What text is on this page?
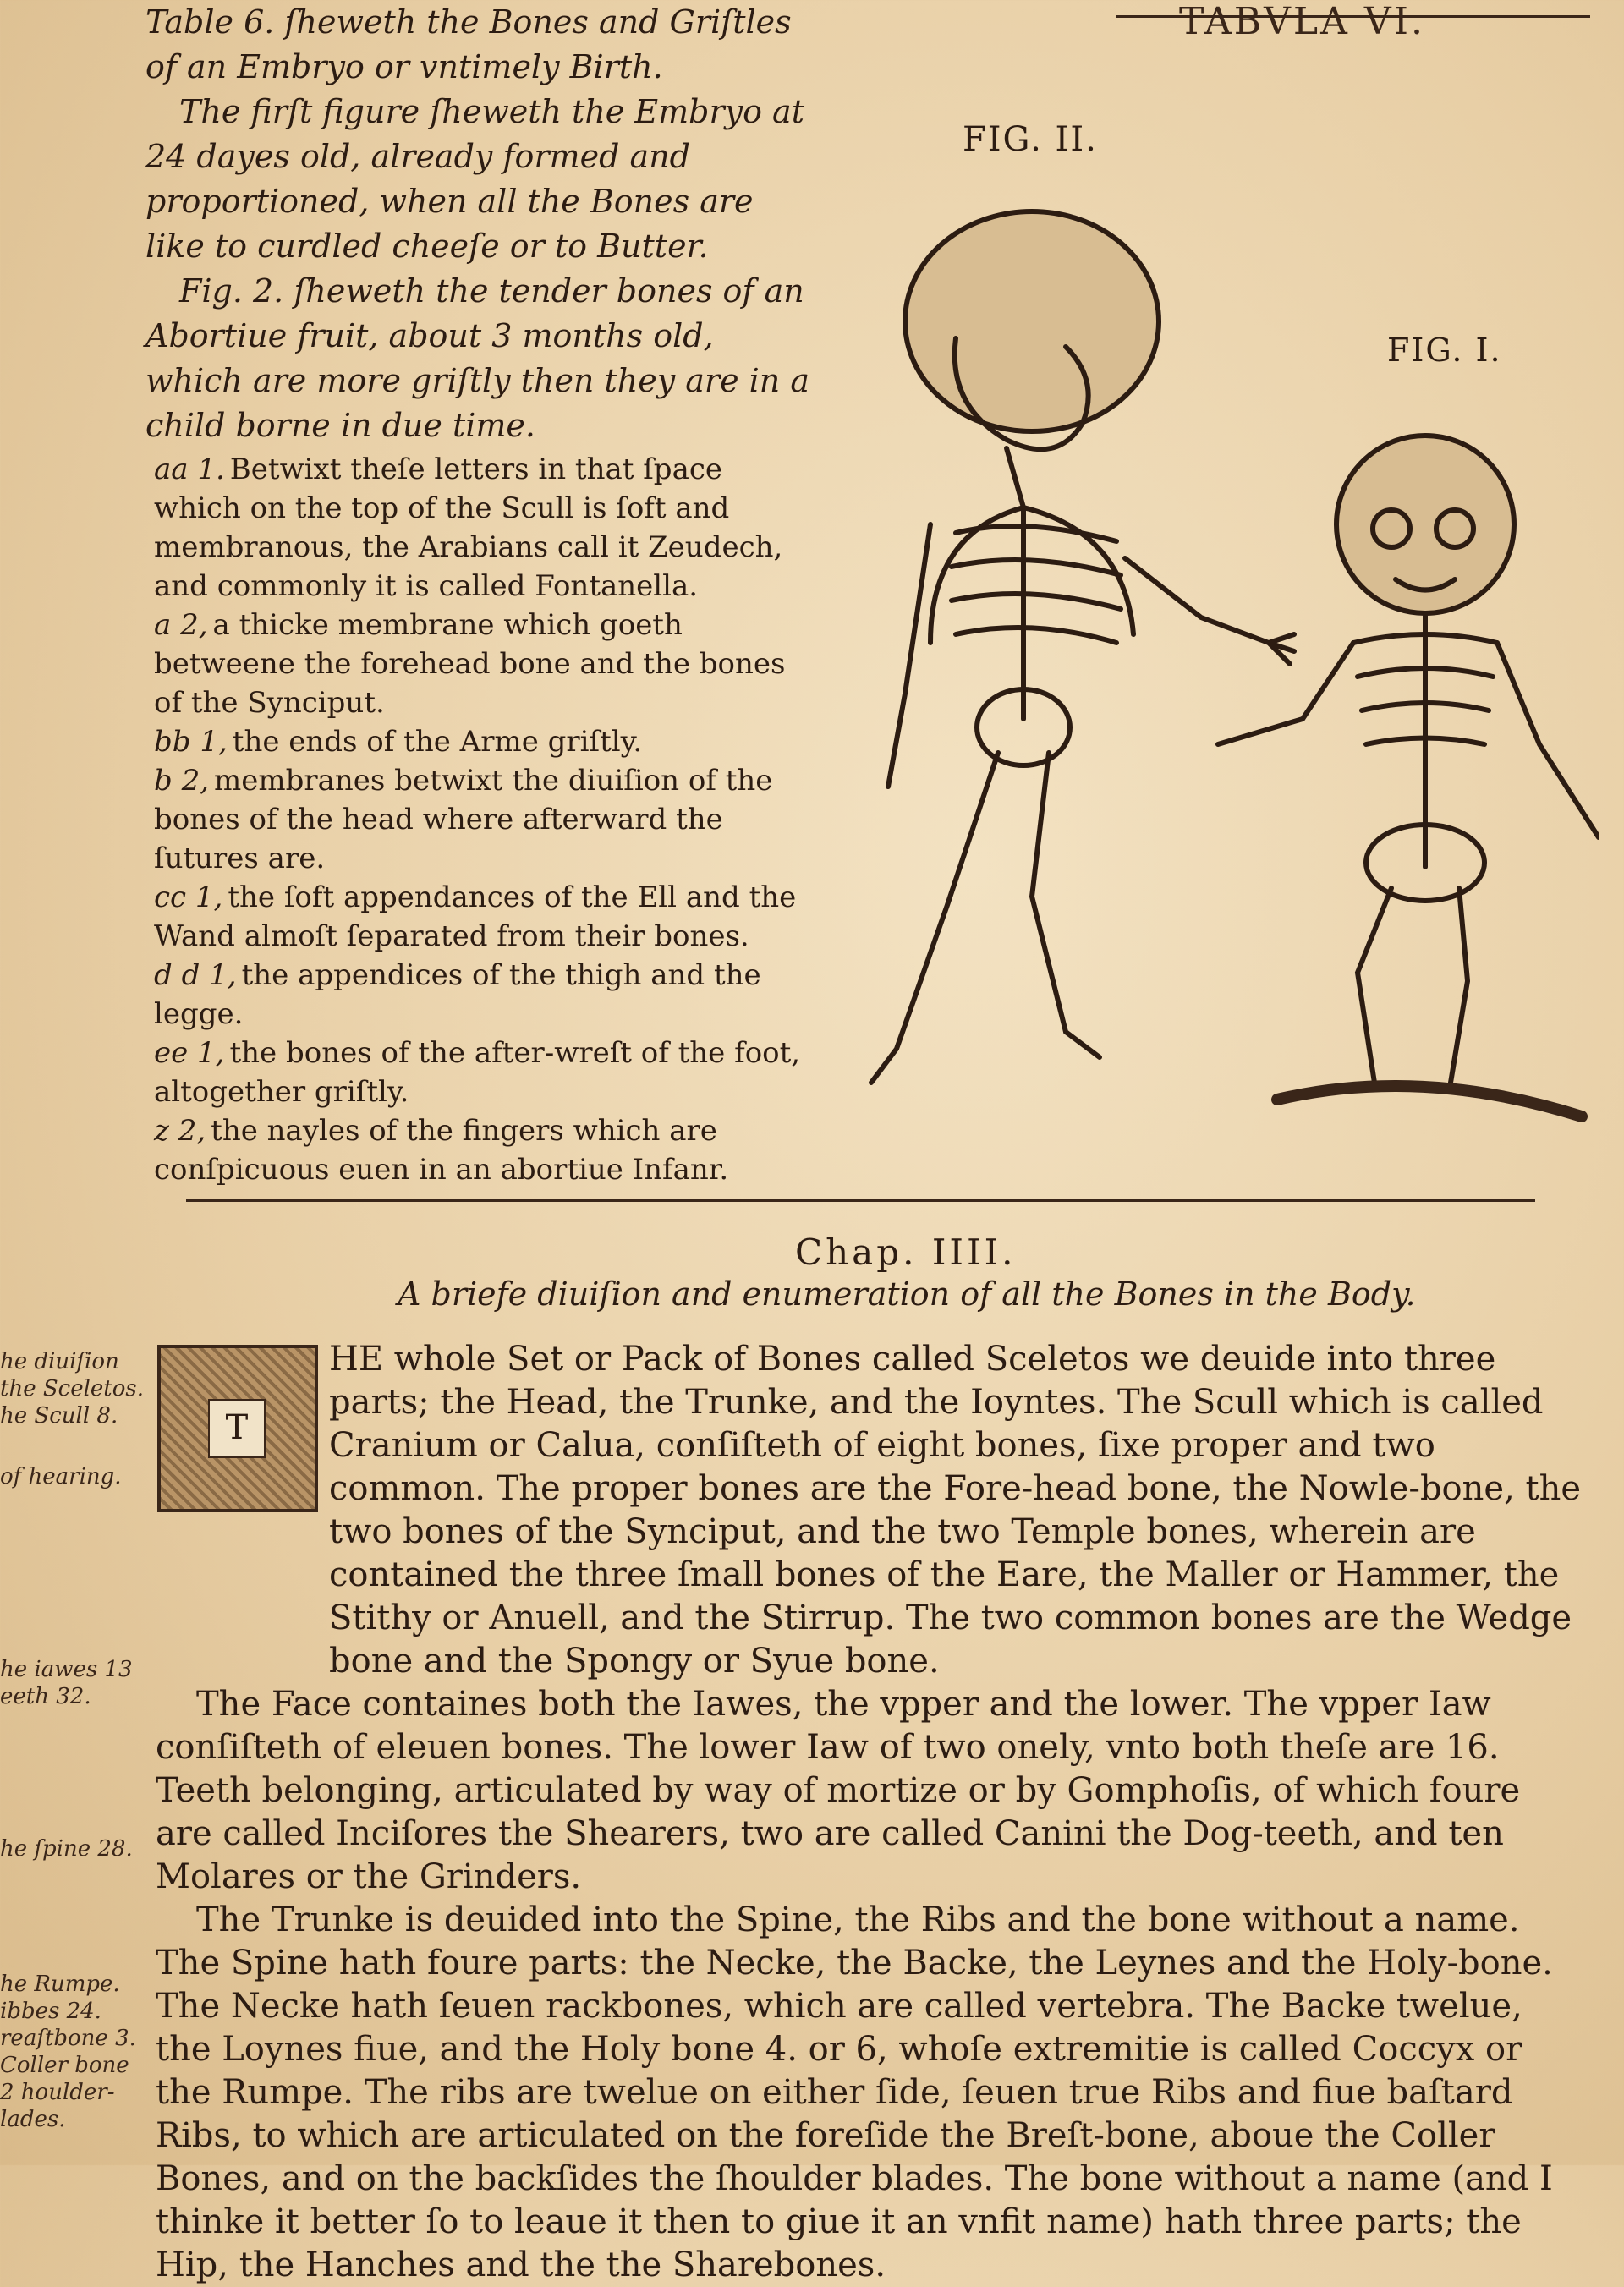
TABVLA VI.

Table 6. ſheweth the Bones and Griſtles of an Embryo or vntimely Birth.

The firſt figure ſheweth the Embryo at 24 dayes old, already formed and proportioned, when all the Bones are like to curdled cheeſe or to Butter.

Fig. 2. ſheweth the tender bones of an Abortiue fruit, about 3 months old, which are more griſtly then they are in a child borne in due time.

aa 1. Betwixt theſe letters in that ſpace which on the top of the Scull is ſoft and membranous, the Arabians call it Zeudech, and commonly it is called Fontanella.
a 2, a thicke membrane which goeth betweene the forehead bone and the bones of the Synciput.
bb 1, the ends of the Arme griſtly.
b 2, membranes betwixt the diuiſion of the bones of the head where afterward the ſutures are.
cc 1, the ſoft appendances of the Ell and the Wand almoſt ſeparated from their bones.
d d 1, the appendices of the thigh and the legge.
ee 1, the bones of the after-wreſt of the foot, altogether griſtly.
z 2, the nayles of the fingers which are conſpicuous euen in an abortiue Infanr.
FIG. II.
FIG. I.
Chap. IIII.
A briefe diuiſion and enumeration of all the Bones in the Body.
he diuiſion the Sceletos. he Scull 8.
of hearing.
he iawes 13 eeth 32.
he ſpine 28.
he Rumpe. ibbes 24. reaſtbone 3. Coller bone 2 houlder-lades.

HE whole Set or Pack of Bones called Sceletos we deuide into three parts; the Head, the Trunke, and the Ioyntes. The Scull which is called Cranium or Calua, conſiſteth of eight bones, ſixe proper and two common. The proper bones are the Fore-head bone, the Nowle-bone, the two bones of the Synciput, and the two Temple bones, wherein are contained the three ſmall bones of the Eare, the Maller or Hammer, the Stithy or Anuell, and the Stirrup. The two common bones are the Wedge bone and the Spongy or Syue bone.

The Face containes both the Iawes, the vpper and the lower. The vpper Iaw conſiſteth of eleuen bones. The lower Iaw of two onely, vnto both theſe are 16. Teeth belonging, articulated by way of mortize or by Gomphoſis, of which foure are called Inciſores the Shearers, two are called Canini the Dog-teeth, and ten Molares or the Grinders.

The Trunke is deuided into the Spine, the Ribs and the bone without a name. The Spine hath foure parts: the Necke, the Backe, the Leynes and the Holy-bone. The Necke hath ſeuen rackbones, which are called vertebra. The Backe twelue, the Loynes fiue, and the Holy bone 4. or 6, whoſe extremitie is called Coccyx or the Rumpe. The ribs are twelue on either ſide, ſeuen true Ribs and fiue baſtard Ribs, to which are articulated on the foreſide the Breſt-bone, aboue the Coller Bones, and on the backſides the ſhoulder blades. The bone without a name (and I thinke it better ſo to leaue it then to giue it an vnfit name) hath three parts; the Hip, the Hanches and the the Sharebones.

T
